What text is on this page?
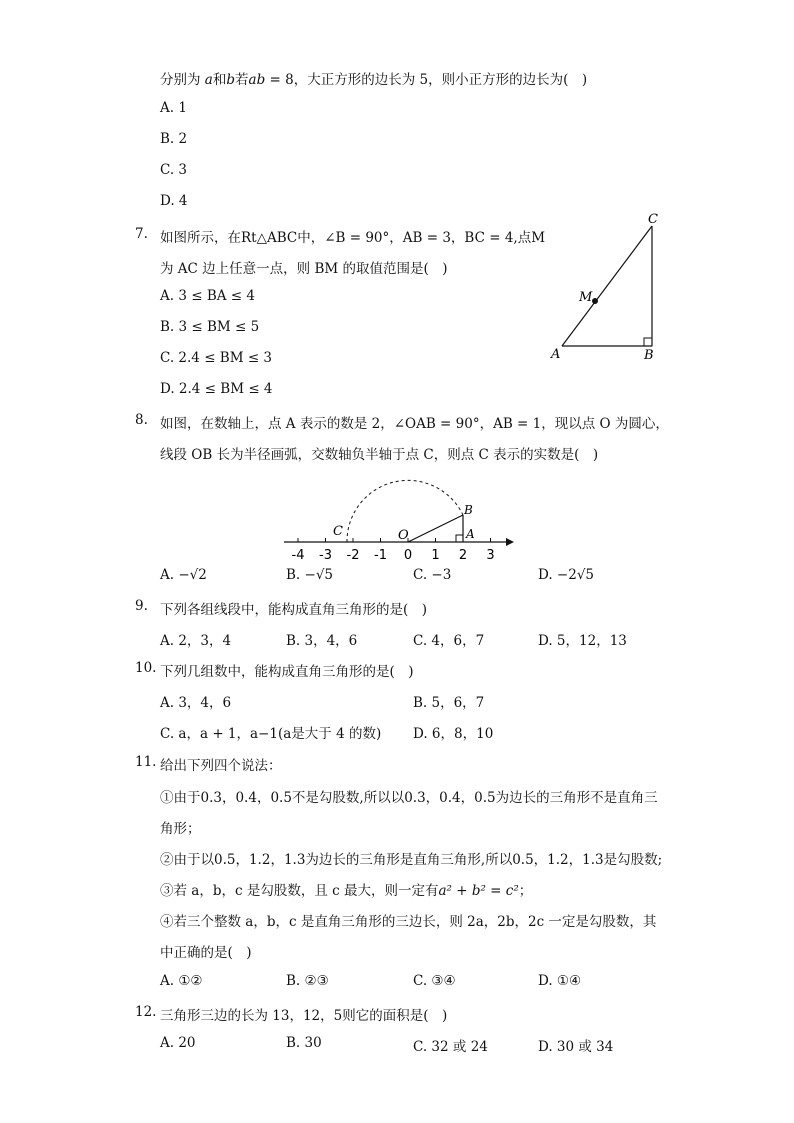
分别为 a和b若ab = 8，大正方形的边长为 5，则小正方形的边长为(　)
A. 1
B. 2
C. 3
D. 4
7. 如图所示，在Rt△ABC中，∠B = 90°，AB = 3，BC = 4,点M
为 AC 边上任意一点，则 BM 的取值范围是(　)
A. 3 ≤ BA ≤ 4
B. 3 ≤ BM ≤ 5
C. 2.4 ≤ BM ≤ 3
D. 2.4 ≤ BM ≤ 4
C
M
A	B
8. 如图，在数轴上，点 A 表示的数是 2，∠OAB = 90°，AB = 1，现以点 O 为圆心，
线段 OB 长为半径画弧，交数轴负半轴于点 C，则点 C 表示的实数是(　)
-4 -3 -2 -1 0 1 2 3
C	O
B
A
A. −√2	B. −√5	C. −3	D. −2√5
9. 下列各组线段中，能构成直角三角形的是(　)
A. 2，3，4	B. 3，4，6	C. 4，6，7	D. 5，12，13
10. 下列几组数中，能构成直角三角形的是(　)
A. 3，4，6	B. 5，6，7
C. a，a + 1，a−1(a是大于 4 的数) D. 6，8，10
11. 给出下列四个说法：
①由于0.3，0.4，0.5不是勾股数,所以以0.3，0.4，0.5为边长的三角形不是直角三
角形；
②由于以0.5，1.2，1.3为边长的三角形是直角三角形,所以0.5，1.2，1.3是勾股数;
③若 a，b，c 是勾股数，且 c 最大，则一定有a² + b² = c²；
④若三个整数 a，b，c 是直角三角形的三边长，则 2a，2b，2c 一定是勾股数，其
中正确的是(　)
A. ①②	B. ②③	C. ③④	D. ①④
12. 三角形三边的长为 13，12，5则它的面积是(　)
A. 20	B. 30	C. 32 或 24	D. 30 或 34
